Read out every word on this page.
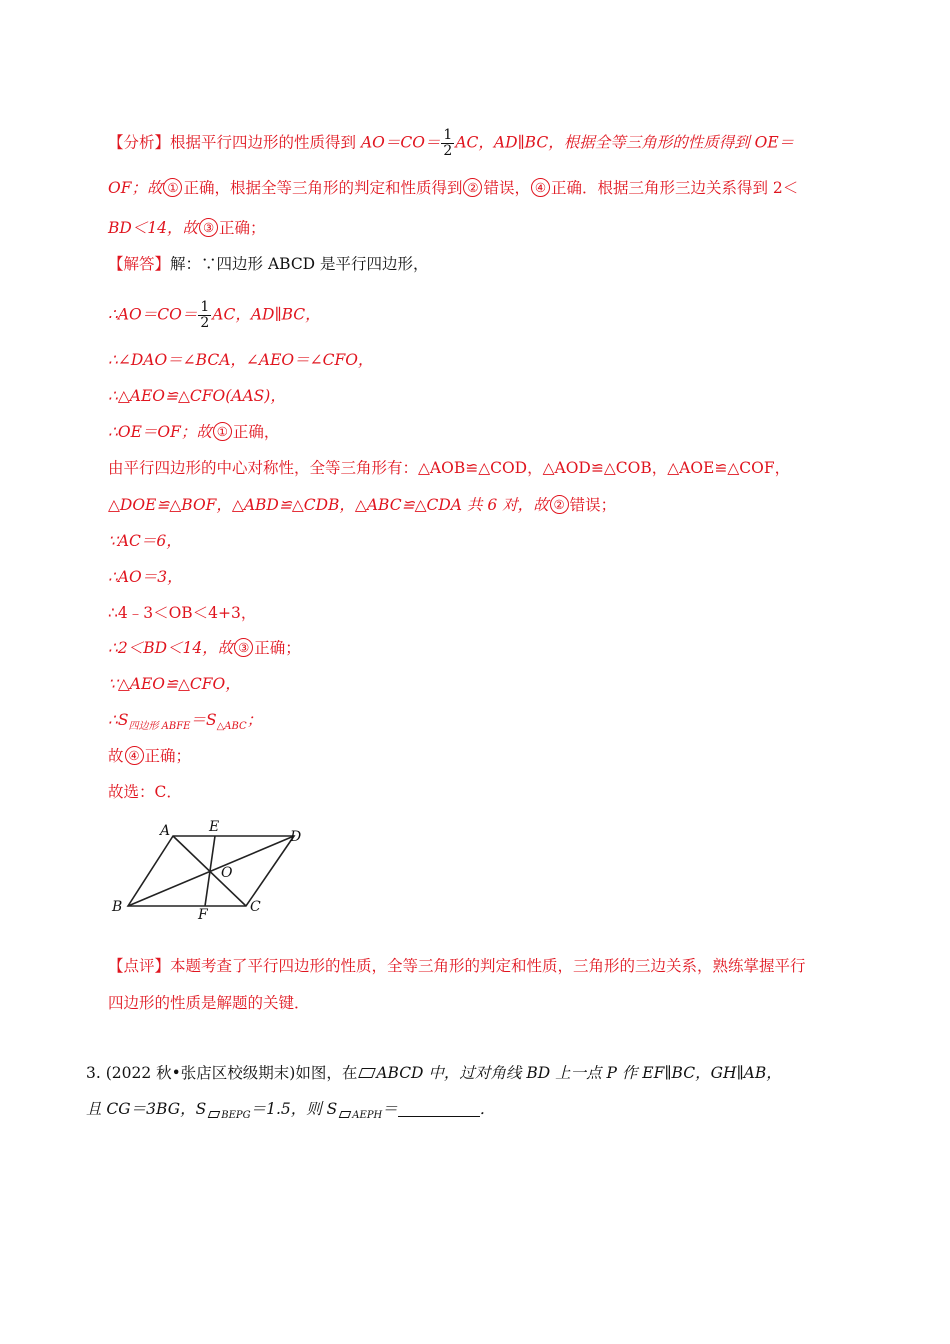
【分析】根据平行四边形的性质得到 $AO=CO= \frac{1}{2}$ AC，AD∥BC，根据全等三角形的性质得到 OE＝
OF；故 ① 正确，根据全等三角形的判定和性质得到 ② 错误， ④ 正确．根据三角形三边关系得到 2＜
BD＜14，故 ③ 正确；
【解答】解：∵四边形 ABCD 是平行四边形，
∴AO＝CO＝ $\frac{1}{2}$ AC，AD∥BC，
∴∠DAO＝∠BCA，∠AEO＝∠CFO，
∴△AEO≌△CFO(AAS)，
∴OE＝OF；故 ① 正确，
由平行四边形的中心对称性，全等三角形有：△AOB≌△COD，△AOD≌△COB，△AOE≌△COF，
△DOE≌△BOF，△ABD≌△CDB，△ABC≌△CDA 共 6 对，故 ② 错误；
∵AC＝6，
∴AO＝3，
∴4﹣3＜OB＜4+3，
∴2＜BD＜14，故 ③ 正确；
∵△AEO≌△CFO，
$\therefore S_{四边形 ABFE}=S_{\triangle ABC}$；
故 ④ 正确；
故选：C．
A	E
D
O
B	F	C
【点评】本题考查了平行四边形的性质，全等三角形的判定和性质，三角形的三边关系，熟练掌握平行
四边形的性质是解题的关键．
3. (2022 秋•张店区校级期末)如图，在 ABCD 中，过对角线 BD 上一点 P 作 EF∥BC，GH∥AB，
且 CG＝3BG，S $_{BEPG}$＝1.5，则 S $_{AEPH}$＝	．
